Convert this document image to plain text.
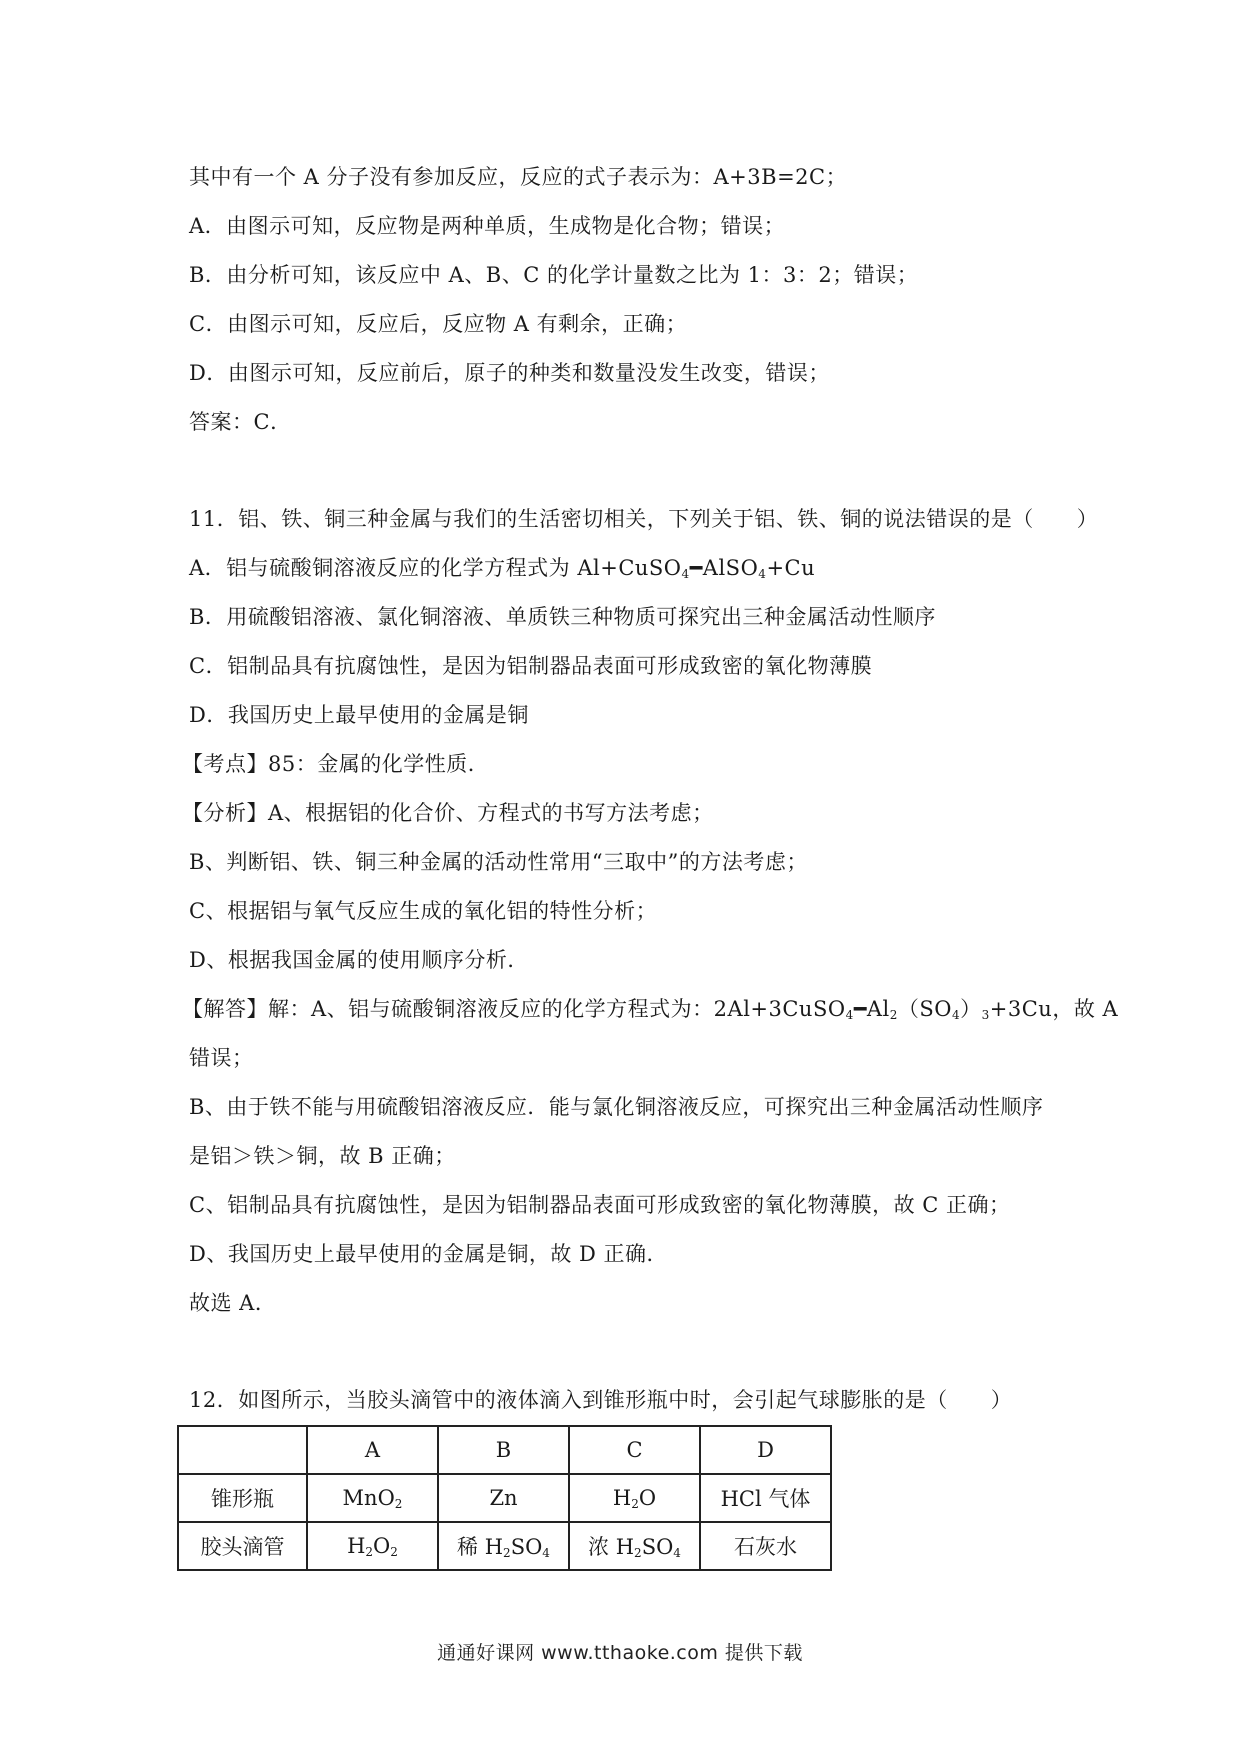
其中有一个 A 分子没有参加反应，反应的式子表示为：A+3B=2C；
A．由图示可知，反应物是两种单质，生成物是化合物；错误；
B．由分析可知，该反应中 A、B、C 的化学计量数之比为 1：3：2；错误；
C．由图示可知，反应后，反应物 A 有剩余，正确；
D．由图示可知，反应前后，原子的种类和数量没发生改变，错误；
答案：C．
11．铝、铁、铜三种金属与我们的生活密切相关，下列关于铝、铁、铜的说法错误的是（　　）
A．铝与硫酸铜溶液反应的化学方程式为 Al+CuSO$_4$━AlSO$_4$+Cu
B．用硫酸铝溶液、氯化铜溶液、单质铁三种物质可探究出三种金属活动性顺序
C．铝制品具有抗腐蚀性，是因为铝制器品表面可形成致密的氧化物薄膜
D．我国历史上最早使用的金属是铜
【考点】85：金属的化学性质．
【分析】A、根据铝的化合价、方程式的书写方法考虑；
B、判断铝、铁、铜三种金属的活动性常用“三取中”的方法考虑；
C、根据铝与氧气反应生成的氧化铝的特性分析；
D、根据我国金属的使用顺序分析．
【解答】解：A、铝与硫酸铜溶液反应的化学方程式为：$2Al+3CuSO_4━Al_2(SO_4)_3+3Cu$，故 A
错误；
B、由于铁不能与用硫酸铝溶液反应．能与氯化铜溶液反应，可探究出三种金属活动性顺序
是铝＞铁＞铜，故 B 正确；
C、铝制品具有抗腐蚀性，是因为铝制器品表面可形成致密的氧化物薄膜，故 C 正确；
D、我国历史上最早使用的金属是铜，故 D 正确．
故选 A．
12．如图所示，当胶头滴管中的液体滴入到锥形瓶中时，会引起气球膨胀的是（　　）
	A	B	C	D
锥形瓶	MnO$_2$	Zn	$H_2O$	HCl 气体
胶头滴管	$H_2O_2$	稀 $H_2SO_4$	浓 $H_2SO_4$	石灰水
通通好课网 www.tthaoke.com 提供下载
